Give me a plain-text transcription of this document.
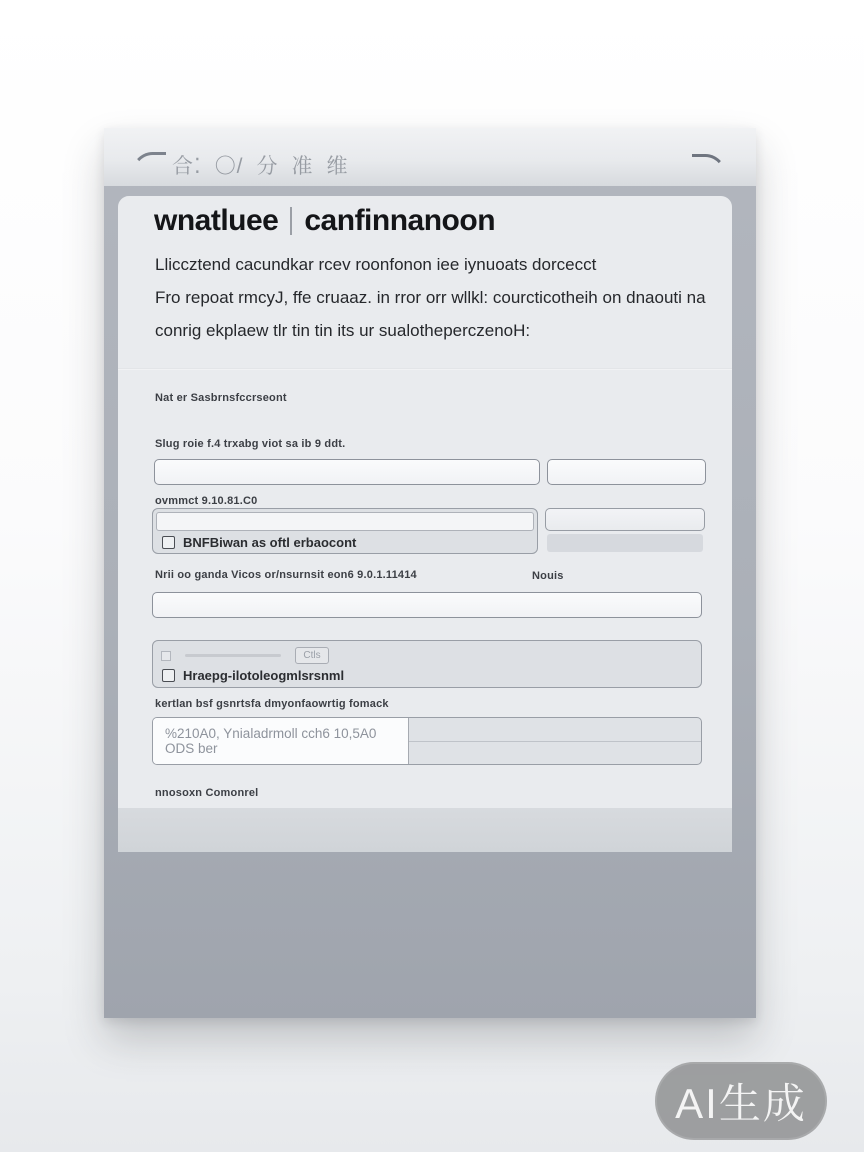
合⁚ 〇/ 分 准 维
wnatluee canfinnanoon
Lliccztend cacundkar rcev roonfonon iee iynuoats dorcecct
Fro repoat rmcyJ, ffe cruaaz. in rror orr wllkl: courcticotheih on dnaouti na
conrig ekplaew tlr tin tin its ur sualotheperczenoH:
Nat er Sasbrnsfccrseont
Slug roie f.4 trxabg viot sa ib 9 ddt.
ovmmct 9.10.81.C0
BNFBiwan as oftl erbaocont
Nrii oo ganda Vicos or/nsurnsit eon6 9.0.1.11414	Nouis
Ctls
Hraepg-ilotoleogmlsrsnml
kertlan bsf gsnrtsfa dmyonfaowrtig fomack
%210A0, Ynialadrmoll cch6 10,5A0 ODS ber
nnosoxn Comonrel
AI生成
